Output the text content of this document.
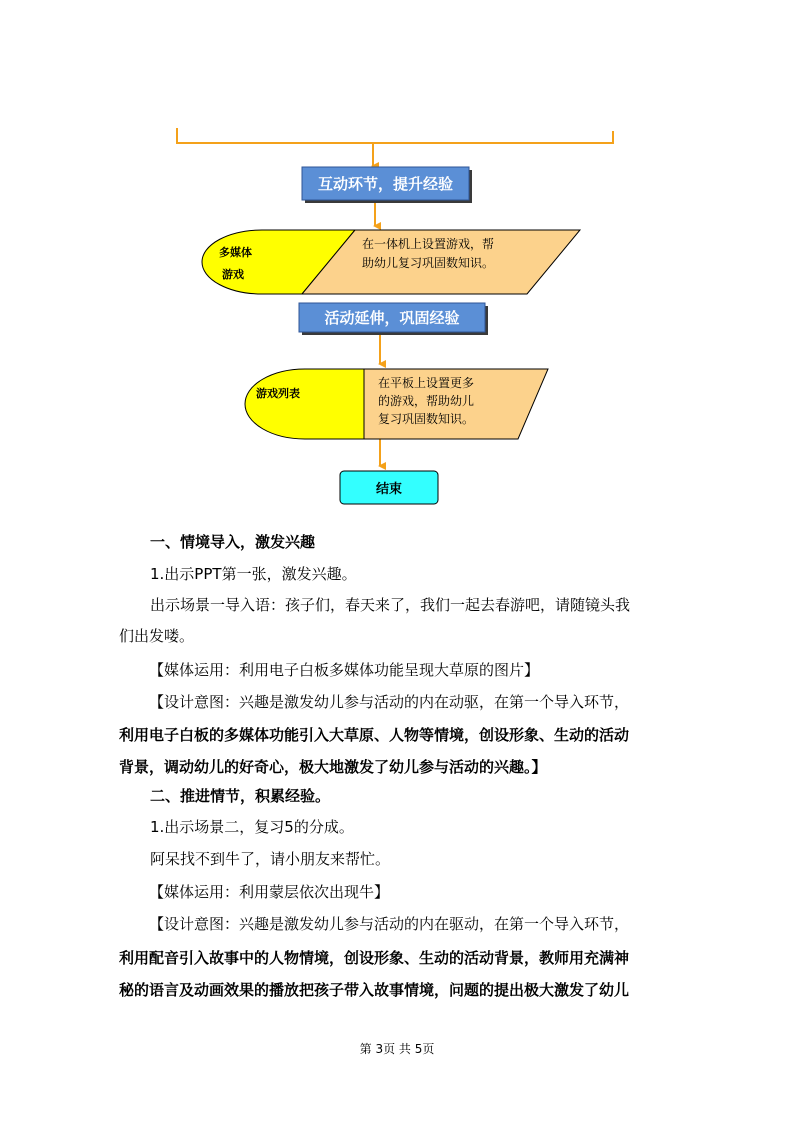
互动环节，提升经验
多媒体
游戏
在一体机上设置游戏，帮
助幼儿复习巩固数知识。
活动延伸，巩固经验
游戏列表
在平板上设置更多
的游戏，帮助幼儿
复习巩固数知识。
结束
一、情境导入，激发兴趣
1.出示PPT第一张，激发兴趣。
出示场景一导入语：孩子们，春天来了，我们一起去春游吧，请随镜头我
们出发喽。
【媒体运用：利用电子白板多媒体功能呈现大草原的图片】
【设计意图：兴趣是激发幼儿参与活动的内在动驱，在第一个导入环节，
利用电子白板的多媒体功能引入大草原、人物等情境，创设形象、生动的活动
背景，调动幼儿的好奇心，极大地激发了幼儿参与活动的兴趣。】
二、推进情节，积累经验。
1.出示场景二，复习5的分成。
阿呆找不到牛了，请小朋友来帮忙。
【媒体运用：利用蒙层依次出现牛】
【设计意图：兴趣是激发幼儿参与活动的内在驱动，在第一个导入环节，
利用配音引入故事中的人物情境，创设形象、生动的活动背景，教师用充满神
秘的语言及动画效果的播放把孩子带入故事情境，问题的提出极大激发了幼儿
第 3页 共 5页
